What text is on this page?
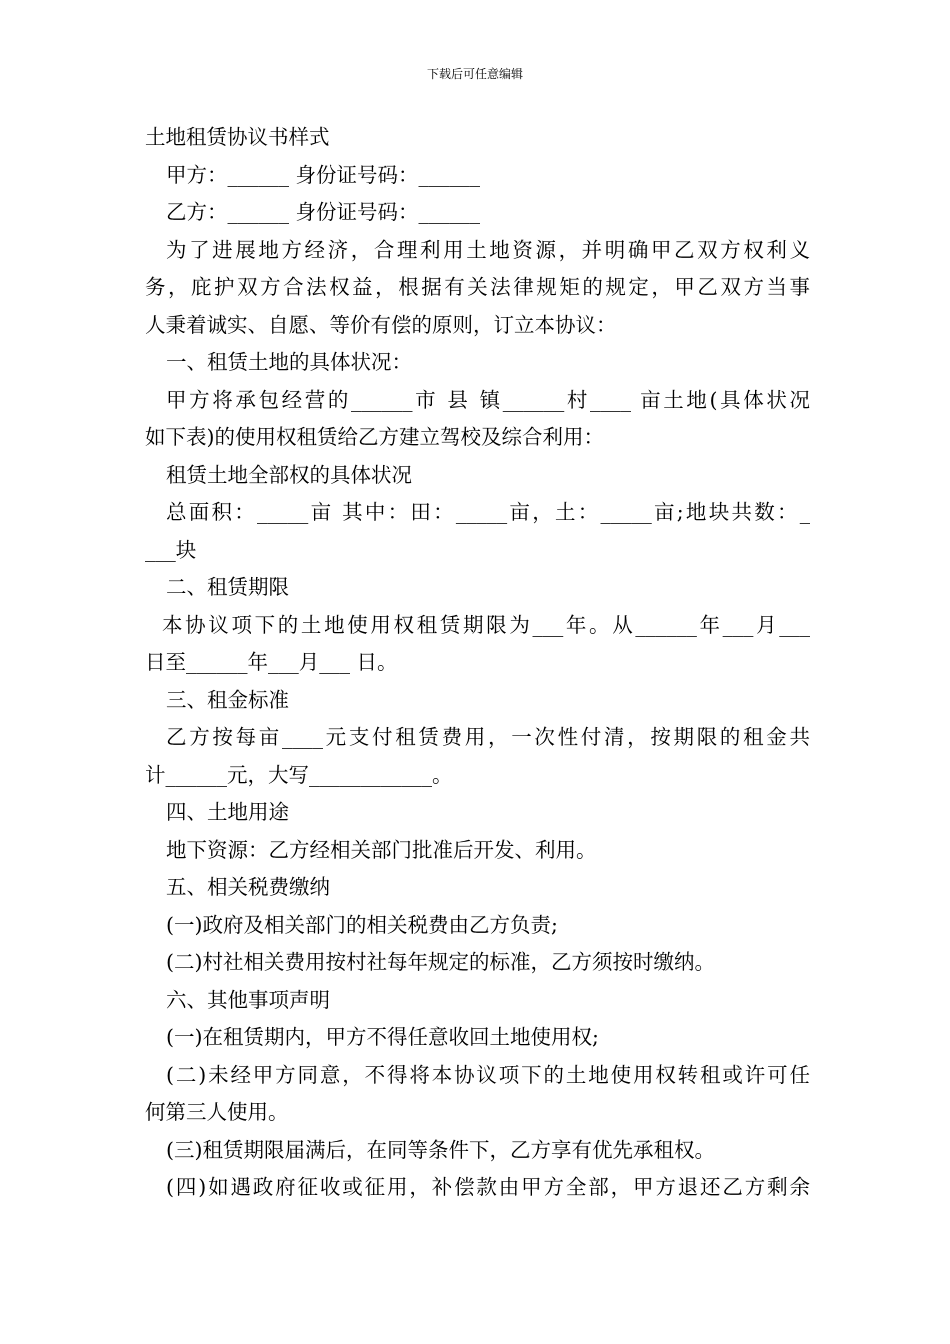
下载后可任意编辑
土地租赁协议书样式
甲方：______ 身份证号码：______
乙方：______ 身份证号码：______
为了进展地方经济，合理利用土地资源，并明确甲乙双方权利义
务，庇护双方合法权益，根据有关法律规矩的规定，甲乙双方当事
人秉着诚实、自愿、等价有偿的原则，订立本协议：
一、租赁土地的具体状况：
甲方将承包经营的______市 县 镇______村____ 亩土地(具体状况
如下表)的使用权租赁给乙方建立驾校及综合利用：
租赁土地全部权的具体状况
总面积：_____亩 其中：田：_____亩，土：_____亩;地块共数：_
___块
二、租赁期限
本协议项下的土地使用权租赁期限为___年。从______年___月___
日至______年___月___ 日。
三、租金标准
乙方按每亩____元支付租赁费用，一次性付清，按期限的租金共
计______元，大写____________。
四、土地用途
地下资源：乙方经相关部门批准后开发、利用。
五、相关税费缴纳
(一)政府及相关部门的相关税费由乙方负责;
(二)村社相关费用按村社每年规定的标准，乙方须按时缴纳。
六、其他事项声明
(一)在租赁期内，甲方不得任意收回土地使用权;
(二)未经甲方同意，不得将本协议项下的土地使用权转租或许可任
何第三人使用。
(三)租赁期限届满后，在同等条件下，乙方享有优先承租权。
(四)如遇政府征收或征用，补偿款由甲方全部，甲方退还乙方剩余
